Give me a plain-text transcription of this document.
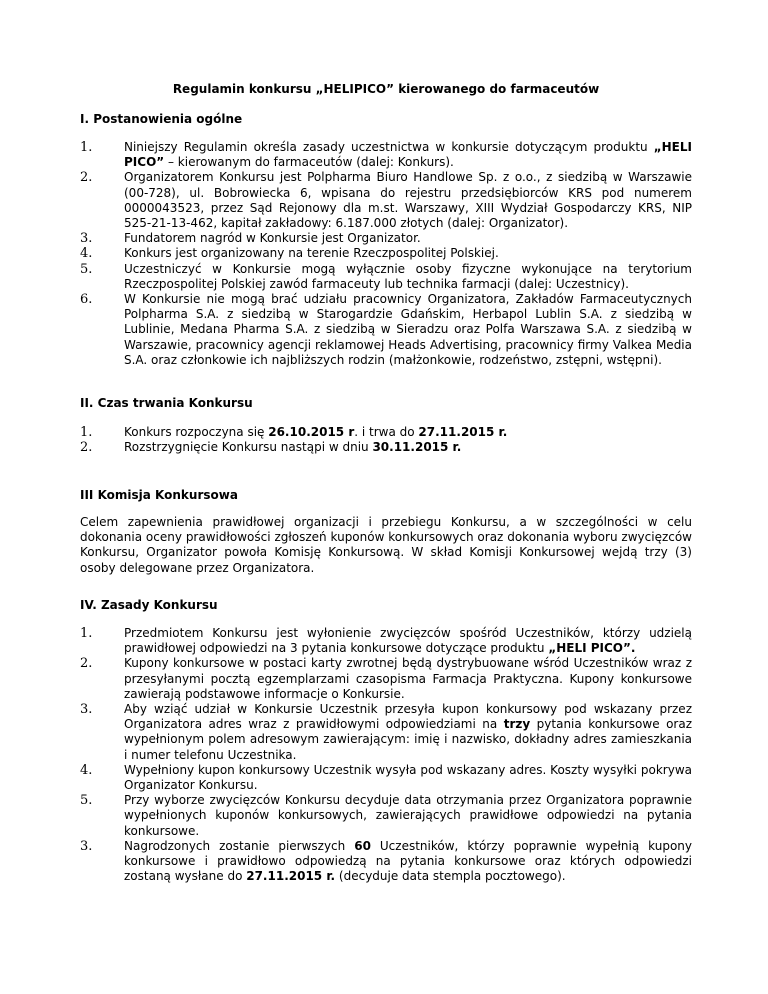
Regulamin konkursu „HELIPICO” kierowanego do farmaceutów
I. Postanowienia ogólne
1.	Niniejszy Regulamin określa zasady uczestnictwa w konkursie dotyczącym produktu „HELI PICO” – kierowanym do farmaceutów (dalej: Konkurs).
2.	Organizatorem Konkursu jest Polpharma Biuro Handlowe Sp. z o.o., z siedzibą w Warszawie (00-728), ul. Bobrowiecka 6, wpisana do rejestru przedsiębiorców KRS pod numerem 0000043523, przez Sąd Rejonowy dla m.st. Warszawy, XIII Wydział Gospodarczy KRS, NIP 525-21-13-462, kapitał zakładowy: 6.187.000 złotych (dalej: Organizator).
3.	Fundatorem nagród w Konkursie jest Organizator.
4.	Konkurs jest organizowany na terenie Rzeczpospolitej Polskiej.
5.	Uczestniczyć w Konkursie mogą wyłącznie osoby fizyczne wykonujące na terytorium Rzeczpospolitej Polskiej zawód farmaceuty lub technika farmacji (dalej: Uczestnicy).
6.	W Konkursie nie mogą brać udziału pracownicy Organizatora, Zakładów Farmaceutycznych Polpharma S.A. z siedzibą w Starogardzie Gdańskim, Herbapol Lublin S.A. z siedzibą w Lublinie, Medana Pharma S.A. z siedzibą w Sieradzu oraz Polfa Warszawa S.A. z siedzibą w Warszawie, pracownicy agencji reklamowej Heads Advertising, pracownicy firmy Valkea Media S.A. oraz członkowie ich najbliższych rodzin (małżonkowie, rodzeństwo, zstępni, wstępni).
II. Czas trwania Konkursu
1.	Konkurs rozpoczyna się 26.10.2015 r. i trwa do 27.11.2015 r.
2.	Rozstrzygnięcie Konkursu nastąpi w dniu 30.11.2015 r.
III Komisja Konkursowa

Celem zapewnienia prawidłowej organizacji i przebiegu Konkursu, a w szczególności w celu dokonania oceny prawidłowości zgłoszeń kuponów konkursowych oraz dokonania wyboru zwycięzców Konkursu, Organizator powoła Komisję Konkursową. W skład Komisji Konkursowej wejdą trzy (3) osoby delegowane przez Organizatora.

IV. Zasady Konkursu
1.	Przedmiotem Konkursu jest wyłonienie zwycięzców spośród Uczestników, którzy udzielą prawidłowej odpowiedzi na 3 pytania konkursowe dotyczące produktu „HELI PICO”.
2.	Kupony konkursowe w postaci karty zwrotnej będą dystrybuowane wśród Uczestników wraz z przesyłanymi pocztą egzemplarzami czasopisma Farmacja Praktyczna. Kupony konkursowe zawierają podstawowe informacje o Konkursie.
3.	Aby wziąć udział w Konkursie Uczestnik przesyła kupon konkursowy pod wskazany przez Organizatora adres wraz z prawidłowymi odpowiedziami na trzy pytania konkursowe oraz wypełnionym polem adresowym zawierającym: imię i nazwisko, dokładny adres zamieszkania i numer telefonu Uczestnika.
4.	Wypełniony kupon konkursowy Uczestnik wysyła pod wskazany adres. Koszty wysyłki pokrywa Organizator Konkursu.
5.	Przy wyborze zwycięzców Konkursu decyduje data otrzymania przez Organizatora poprawnie wypełnionych kuponów konkursowych, zawierających prawidłowe odpowiedzi na pytania konkursowe.
3.	Nagrodzonych zostanie pierwszych 60 Uczestników, którzy poprawnie wypełnią kupony konkursowe i prawidłowo odpowiedzą na pytania konkursowe oraz których odpowiedzi zostaną wysłane do 27.11.2015 r. (decyduje data stempla pocztowego).
